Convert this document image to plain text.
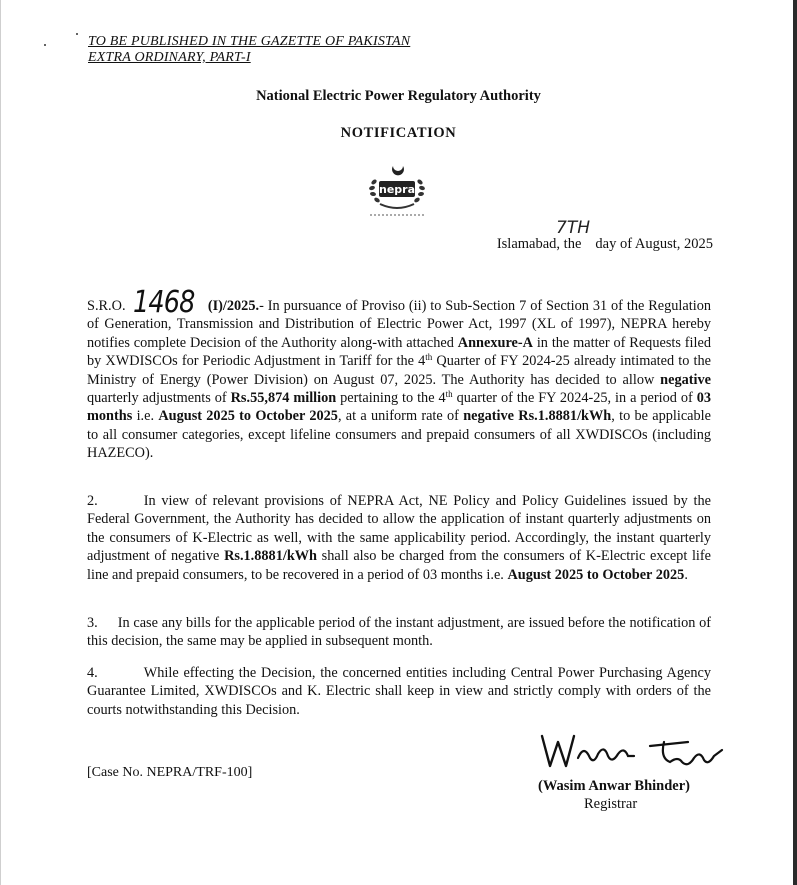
TO BE PUBLISHED IN THE GAZETTE OF PAKISTAN
EXTRA ORDINARY, PART-I
National Electric Power Regulatory Authority
NOTIFICATION
nepra
7TH
Islamabad, the day of August, 2025

S.R.O. 1468 (I)/2025.- In pursuance of Proviso (ii) to Sub-Section 7 of Section 31 of the Regulation of Generation, Transmission and Distribution of Electric Power Act, 1997 (XL of 1997), NEPRA hereby notifies complete Decision of the Authority along-with attached Annexure-A in the matter of Requests filed by XWDISCOs for Periodic Adjustment in Tariff for the 4th Quarter of FY 2024-25 already intimated to the Ministry of Energy (Power Division) on August 07, 2025. The Authority has decided to allow negative quarterly adjustments of Rs.55,874 million pertaining to the 4th quarter of the FY 2024-25, in a period of 03 months i.e. August 2025 to October 2025, at a uniform rate of negative Rs.1.8881/kWh, to be applicable to all consumer categories, except lifeline consumers and prepaid consumers of all XWDISCOs (including HAZECO).

2.	In view of relevant provisions of NEPRA Act, NE Policy and Policy Guidelines issued by the Federal Government, the Authority has decided to allow the application of instant quarterly adjustments on the consumers of K-Electric as well, with the same applicability period. Accordingly, the instant quarterly adjustment of negative Rs.1.8881/kWh shall also be charged from the consumers of K-Electric except life line and prepaid consumers, to be recovered in a period of 03 months i.e. August 2025 to October 2025.

3. In case any bills for the applicable period of the instant adjustment, are issued before the notification of this decision, the same may be applied in subsequent month.

4.	While effecting the Decision, the concerned entities including Central Power Purchasing Agency Guarantee Limited, XWDISCOs and K. Electric shall keep in view and strictly comply with orders of the courts notwithstanding this Decision.

[Case No. NEPRA/TRF-100]
(Wasim Anwar Bhinder)
Registrar
